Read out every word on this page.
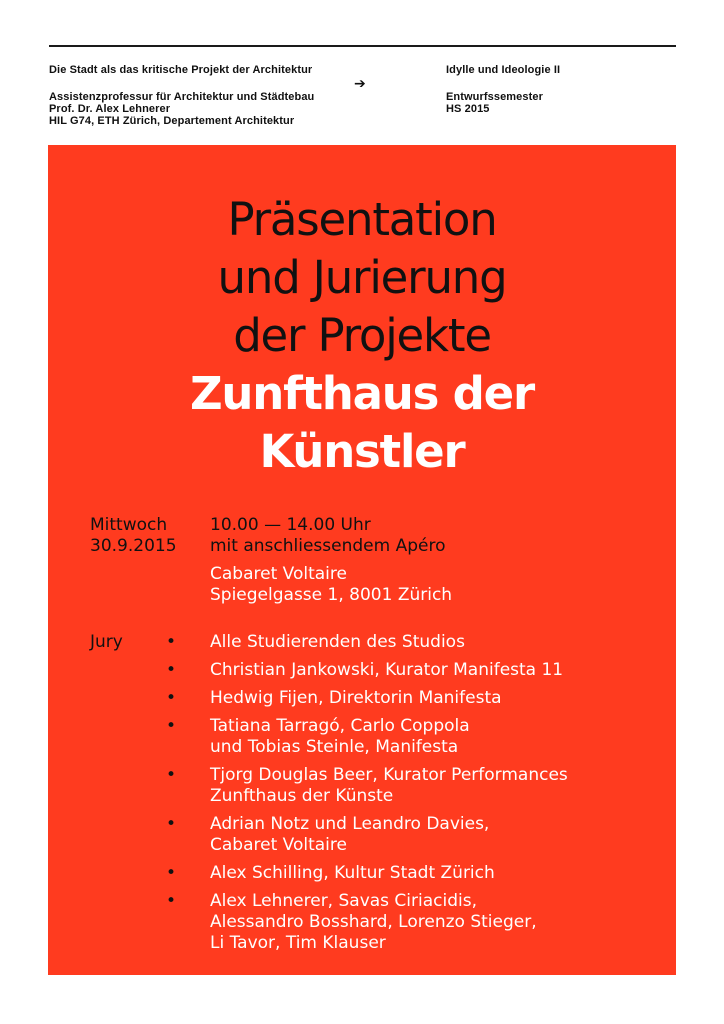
Die Stadt als das kritische Projekt der Architektur
Assistenzprofessur für Architektur und Städtebau
Prof. Dr. Alex Lehnerer
HIL G74, ETH Zürich, Departement Architektur
➔
Idylle und Ideologie II
Entwurfssemester
HS 2015
Präsentation
und Jurierung
der Projekte
Zunfthaus der
Künstler
Mittwoch
30.9.2015
10.00 — 14.00 Uhr
mit anschliessendem Apéro
Cabaret Voltaire
Spiegelgasse 1, 8001 Zürich
Jury	• Alle Studierenden des Studios
• Christian Jankowski, Kurator Manifesta 11
• Hedwig Fijen, Direktorin Manifesta
• Tatiana Tarragó, Carlo Coppola
und Tobias Steinle, Manifesta
• Tjorg Douglas Beer, Kurator Performances
Zunfthaus der Künste
• Adrian Notz und Leandro Davies,
Cabaret Voltaire
• Alex Schilling, Kultur Stadt Zürich
• Alex Lehnerer, Savas Ciriacidis,
Alessandro Bosshard, Lorenzo Stieger,
Li Tavor, Tim Klauser
